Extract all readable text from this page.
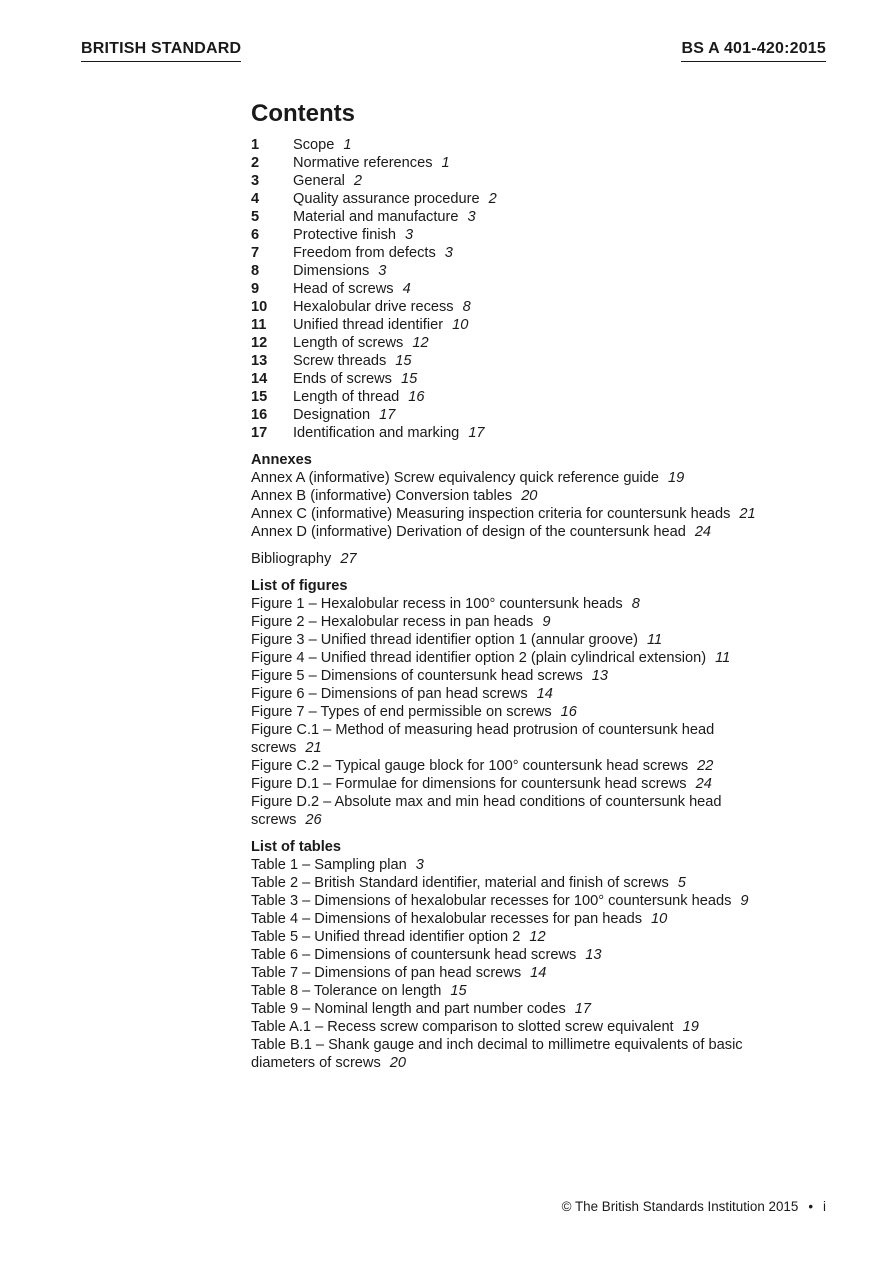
BRITISH STANDARD	BS A 401-420:2015
Contents
1	Scope 1
2	Normative references 1
3	General 2
4	Quality assurance procedure 2
5	Material and manufacture 3
6	Protective finish 3
7	Freedom from defects 3
8	Dimensions 3
9	Head of screws 4
10	Hexalobular drive recess 8
11	Unified thread identifier 10
12	Length of screws 12
13	Screw threads 15
14	Ends of screws 15
15	Length of thread 16
16	Designation 17
17	Identification and marking 17
Annexes
Annex A (informative) Screw equivalency quick reference guide 19
Annex B (informative) Conversion tables 20
Annex C (informative) Measuring inspection criteria for countersunk heads 21
Annex D (informative) Derivation of design of the countersunk head 24
Bibliography 27
List of figures
Figure 1 – Hexalobular recess in 100° countersunk heads 8
Figure 2 – Hexalobular recess in pan heads 9
Figure 3 – Unified thread identifier option 1 (annular groove) 11
Figure 4 – Unified thread identifier option 2 (plain cylindrical extension) 11
Figure 5 – Dimensions of countersunk head screws 13
Figure 6 – Dimensions of pan head screws 14
Figure 7 – Types of end permissible on screws 16
Figure C.1 – Method of measuring head protrusion of countersunk head screws 21
Figure C.2 – Typical gauge block for 100° countersunk head screws 22
Figure D.1 – Formulae for dimensions for countersunk head screws 24
Figure D.2 – Absolute max and min head conditions of countersunk head screws 26
List of tables
Table 1 – Sampling plan 3
Table 2 – British Standard identifier, material and finish of screws 5
Table 3 – Dimensions of hexalobular recesses for 100° countersunk heads 9
Table 4 – Dimensions of hexalobular recesses for pan heads 10
Table 5 – Unified thread identifier option 2 12
Table 6 – Dimensions of countersunk head screws 13
Table 7 – Dimensions of pan head screws 14
Table 8 – Tolerance on length 15
Table 9 – Nominal length and part number codes 17
Table A.1 – Recess screw comparison to slotted screw equivalent 19
Table B.1 – Shank gauge and inch decimal to millimetre equivalents of basic diameters of screws 20
© The British Standards Institution 2015 • i
